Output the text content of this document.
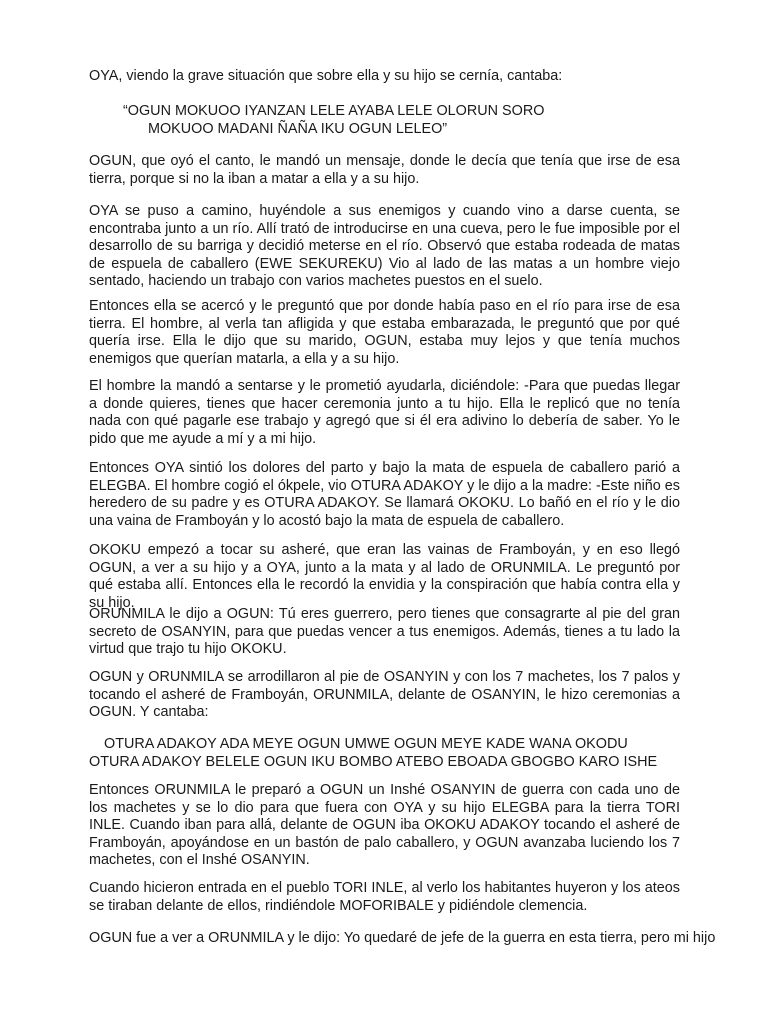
OYA, viendo la grave situación que sobre ella y su hijo se cernía, cantaba:

“OGUN MOKUOO IYANZAN LELE AYABA LELE OLORUN SORO
MOKUOO MADANI ÑAÑA IKU OGUN LELEO”

OGUN, que oyó el canto, le mandó un mensaje, donde le decía que tenía que irse de esa tierra, porque si no la iban a matar a ella y a su hijo.

OYA se puso a camino, huyéndole a sus enemigos y cuando vino a darse cuenta, se encontraba junto a un río. Allí trató de introducirse en una cueva, pero le fue imposible por el desarrollo de su barriga y decidió meterse en el río. Observó que estaba rodeada de matas de espuela de caballero (EWE SEKUREKU) Vio al lado de las matas a un hombre viejo sentado, haciendo un trabajo con varios machetes puestos en el suelo.

Entonces ella se acercó y le preguntó que por donde había paso en el río para irse de esa tierra. El hombre, al verla tan afligida y que estaba embarazada, le preguntó que por qué quería irse. Ella le dijo que su marido, OGUN, estaba muy lejos y que tenía muchos enemigos que querían matarla, a ella y a su hijo.

El hombre la mandó a sentarse y le prometió ayudarla, diciéndole: -Para que puedas llegar a donde quieres, tienes que hacer ceremonia junto a tu hijo. Ella le replicó que no tenía nada con qué pagarle ese trabajo y agregó que si él era adivino lo debería de saber. Yo le pido que me ayude a mí y a mi hijo.

Entonces OYA sintió los dolores del parto y bajo la mata de espuela de caballero parió a ELEGBA. El hombre cogió el ókpele, vio OTURA ADAKOY y le dijo a la madre: -Este niño es heredero de su padre y es OTURA ADAKOY. Se llamará OKOKU. Lo bañó en el río y le dio una vaina de Framboyán y lo acostó bajo la mata de espuela de caballero.

OKOKU empezó a tocar su asheré, que eran las vainas de Framboyán, y en eso llegó OGUN, a ver a su hijo y a OYA, junto a la mata y al lado de ORUNMILA. Le preguntó por qué estaba allí. Entonces ella le recordó la envidia y la conspiración que había contra ella y su hijo.

ORUNMILA le dijo a OGUN: Tú eres guerrero, pero tienes que consagrarte al pie del gran secreto de OSANYIN, para que puedas vencer a tus enemigos. Además, tienes a tu lado la virtud que trajo tu hijo OKOKU.

OGUN y ORUNMILA se arrodillaron al pie de OSANYIN y con los 7 machetes, los 7 palos y tocando el asheré de Framboyán, ORUNMILA, delante de OSANYIN, le hizo ceremonias a OGUN. Y cantaba:

OTURA ADAKOY ADA MEYE OGUN UMWE OGUN MEYE KADE WANA OKODU
OTURA ADAKOY BELELE OGUN IKU BOMBO ATEBO EBOADA GBOGBO KARO ISHE

Entonces ORUNMILA le preparó a OGUN un Inshé OSANYIN de guerra con cada uno de los machetes y se lo dio para que fuera con OYA y su hijo ELEGBA para la tierra TORI INLE. Cuando iban para allá, delante de OGUN iba OKOKU ADAKOY tocando el asheré de Framboyán, apoyándose en un bastón de palo caballero, y OGUN avanzaba luciendo los 7 machetes, con el Inshé OSANYIN.

Cuando hicieron entrada en el pueblo TORI INLE, al verlo los habitantes huyeron y los ateos se tiraban delante de ellos, rindiéndole MOFORIBALE y pidiéndole clemencia.

OGUN fue a ver a ORUNMILA y le dijo: Yo quedaré de jefe de la guerra en esta tierra, pero mi hijo
